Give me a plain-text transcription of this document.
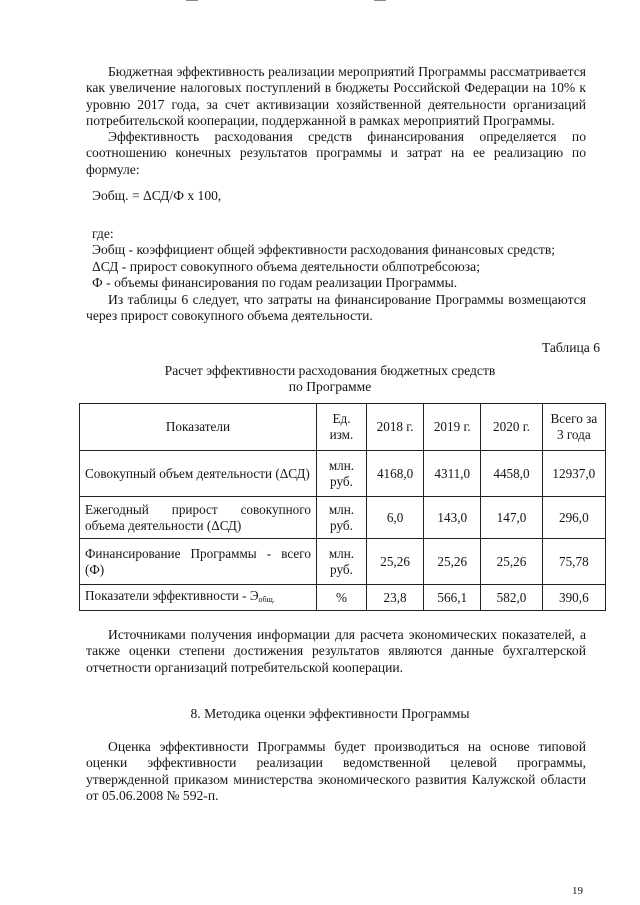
Бюджетная эффективность реализации мероприятий Программы рассматривается как увеличение налоговых поступлений в бюджеты Российской Федерации на 10% к уровню 2017 года, за счет активизации хозяйственной деятельности организаций потребительской кооперации, поддержанной в рамках мероприятий Программы.

Эффективность расходования средств финансирования определяется по соотношению конечных результатов программы и затрат на ее реализацию по формуле:

Эобщ. = ΔСД/Ф х 100,
где:
Эобщ - коэффициент общей эффективности расходования финансовых средств;
ΔСД - прирост совокупного объема деятельности облпотребсоюза;
Ф - объемы финансирования по годам реализации Программы.

Из таблицы 6 следует, что затраты на финансирование Программы возмещаются через прирост совокупного объема деятельности.

Таблица 6
Расчет эффективности расходования бюджетных средств
по Программе
Показатели	Ед. изм.	2018 г.	2019 г.	2020 г.	Всего за 3 года
Совокупный объем деятельности (ΔСД)	млн. руб.	4168,0	4311,0	4458,0	12937,0
Ежегодный прирост совокупного объема деятельности (ΔСД)	млн. руб.	6,0	143,0	147,0	296,0
Финансирование Программы - всего (Ф)	млн. руб.	25,26	25,26	25,26	75,78
Показатели эффективности - $Э_{общ.}$	%	23,8	566,1	582,0	390,6

Источниками получения информации для расчета экономических показателей, а также оценки степени достижения результатов являются данные бухгалтерской отчетности организаций потребительской кооперации.

8. Методика оценки эффективности Программы

Оценка эффективности Программы будет производиться на основе типовой оценки эффективности реализации ведомственной целевой программы, утвержденной приказом министерства экономического развития Калужской области от 05.06.2008 № 592-п.

19
